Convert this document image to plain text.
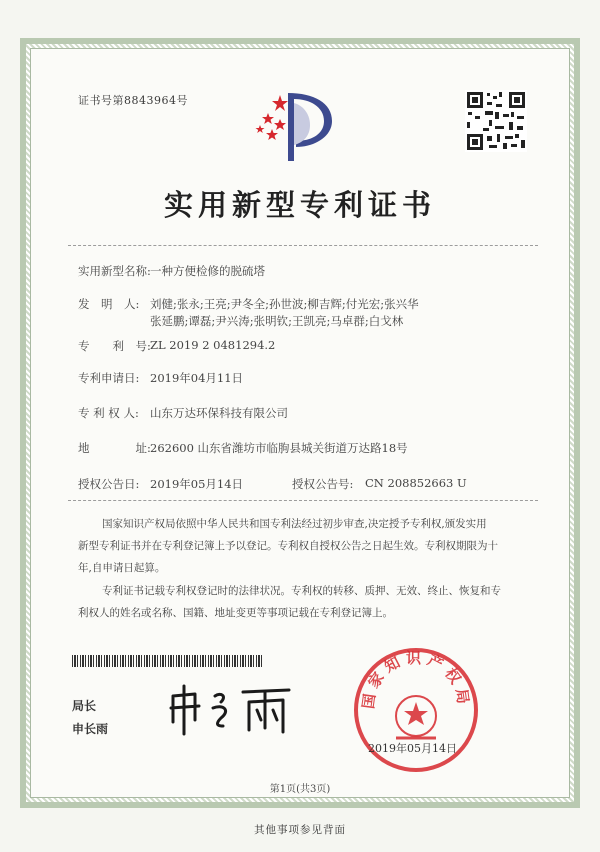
证书号第8843964号
实用新型专利证书
实用新型名称: 一种方便检修的脱硫塔
发　明　人: 刘健;张永;王亮;尹冬全;孙世波;柳吉辉;付光宏;张兴华
张延鹏;谭磊;尹兴涛;张明钦;王凯亮;马卓群;白戈林
专　　利　号: ZL 2019 2 0481294.2
专利申请日: 2019年04月11日
专 利 权 人: 山东万达环保科技有限公司
地　　　　址: 262600 山东省潍坊市临朐县城关街道万达路18号
授权公告日: 2019年05月14日	授权公告号: CN 208852663 U
国家知识产权局依照中华人民共和国专利法经过初步审查,决定授予专利权,颁发实用
新型专利证书并在专利登记簿上予以登记。专利权自授权公告之日起生效。专利权期限为十
年,自申请日起算。
专利证书记载专利权登记时的法律状况。专利权的转移、质押、无效、终止、恢复和专
利权人的姓名或名称、国籍、地址变更等事项记载在专利登记簿上。
局长
申长雨
国家知识产权局
2019年05月14日
第1页(共3页)
其他事项参见背面
